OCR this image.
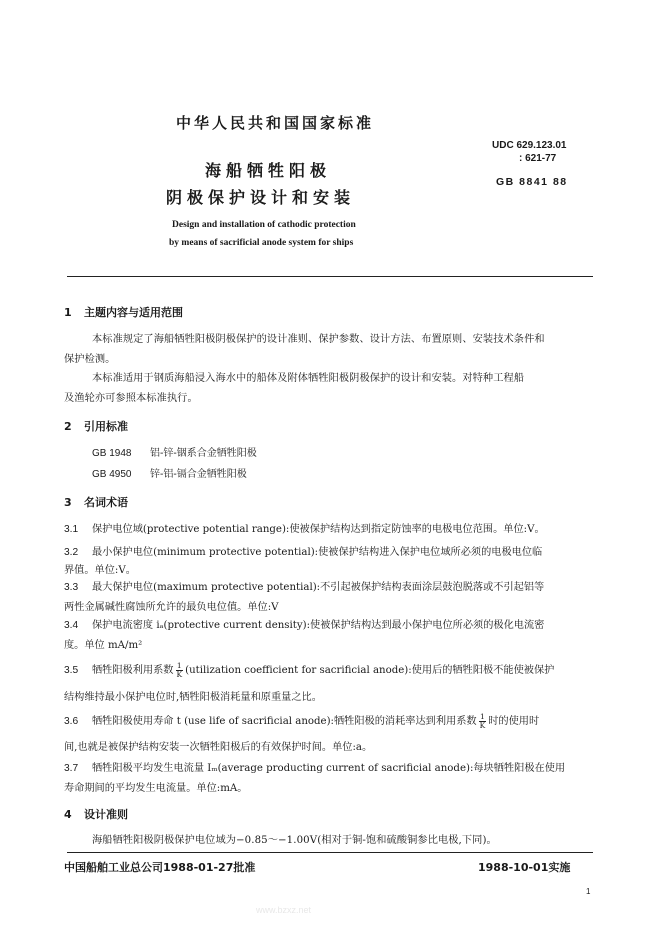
中华人民共和国国家标准
海船牺牲阳极
阴极保护设计和安装
UDC 629.123.01
: 621-77
GB 8841 88
Design and installation of cathodic protection
by means of sacrificial anode system for ships
1 主题内容与适用范围
本标准规定了海船牺牲阳极阴极保护的设计准则、保护参数、设计方法、布置原则、安装技术条件和
保护检测。
本标准适用于钢质海船浸入海水中的船体及附体牺牲阳极阴极保护的设计和安装。对特种工程船
及渔轮亦可参照本标准执行。
2 引用标准
GB 1948 铝-锌-铟系合金牺牲阳极
GB 4950 锌-铝-镉合金牺牲阳极
3 名词术语
3.1 保护电位域(protective potential range):使被保护结构达到指定防蚀率的电极电位范围。单位:V。
3.2 最小保护电位(minimum protective potential):使被保护结构进入保护电位域所必须的电极电位临
界值。单位:V。
3.3 最大保护电位(maximum protective potential):不引起被保护结构表面涂层鼓泡脱落或不引起铝等
两性金属碱性腐蚀所允许的最负电位值。单位:V
3.4 保护电流密度 iₐ(protective current density):使被保护结构达到最小保护电位所必须的极化电流密
度。单位 mA/m²
3.5 牺牲阳极利用系数 $\frac{1}{K}$ (utilization coefficient for sacrificial anode):使用后的牺牲阳极不能使被保护
结构维持最小保护电位时,牺牲阳极消耗量和原重量之比。
3.6 牺牲阳极使用寿命 t (use life of sacrificial anode):牺牲阳极的消耗率达到利用系数 $\frac{1}{K}$ 时的使用时
间,也就是被保护结构安装一次牺牲阳极后的有效保护时间。单位:a。
3.7 牺牲阳极平均发生电流量 Iₘ(average producting current of sacrificial anode):每块牺牲阳极在使用
寿命期间的平均发生电流量。单位:mA。
4 设计准则
海船牺牲阳极阴极保护电位域为−0.85～−1.00V(相对于铜-饱和硫酸铜参比电极,下同)。
中国船舶工业总公司1988-01-27批准	1988-10-01实施
1
www.bzxz.net
